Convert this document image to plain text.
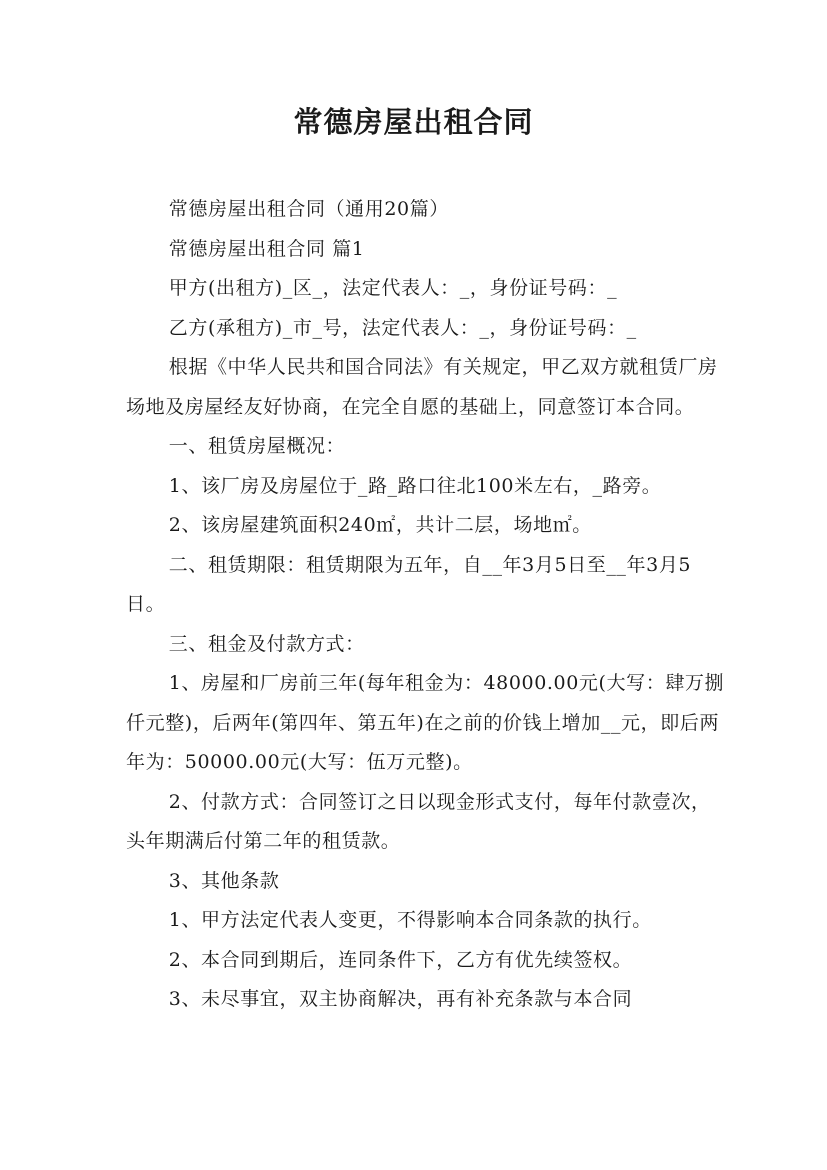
常德房屋出租合同

常德房屋出租合同（通用20篇）

常德房屋出租合同 篇1

甲方(出租方)_区_，法定代表人：_，身份证号码：_

乙方(承租方)_市_号，法定代表人：_，身份证号码：_

根据《中华人民共和国合同法》有关规定，甲乙双方就租赁厂房场地及房屋经友好协商，在完全自愿的基础上，同意签订本合同。

一、租赁房屋概况：

1、该厂房及房屋位于_路_路口往北100米左右，_路旁。

2、该房屋建筑面积240㎡，共计二层，场地㎡。

二、租赁期限：租赁期限为五年，自__年3月5日至__年3月5日。

三、租金及付款方式：

1、房屋和厂房前三年(每年租金为：48000.00元(大写：肆万捌仟元整)，后两年(第四年、第五年)在之前的价钱上增加__元，即后两年为：50000.00元(大写：伍万元整)。

2、付款方式：合同签订之日以现金形式支付，每年付款壹次，头年期满后付第二年的租赁款。

3、其他条款

1、甲方法定代表人变更，不得影响本合同条款的执行。

2、本合同到期后，连同条件下，乙方有优先续签权。

3、未尽事宜，双主协商解决，再有补充条款与本合同
